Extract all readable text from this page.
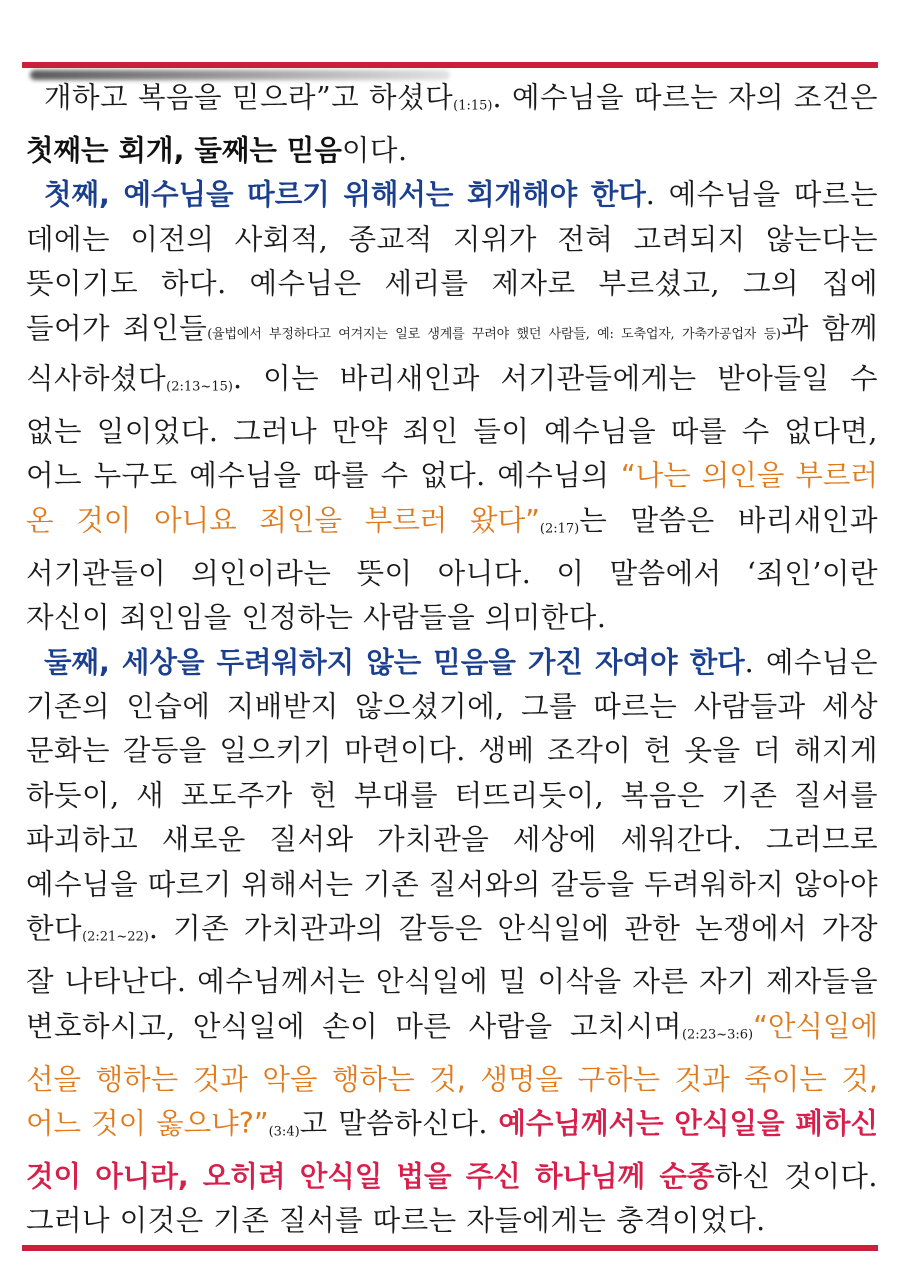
개하고 복음을 믿으라”고 하셨다(1:15). 예수님을 따르는 자의 조건은 첫째는 회개, 둘째는 믿음이다.

첫째, 예수님을 따르기 위해서는 회개해야 한다. 예수님을 따르는 데에는 이전의 사회적, 종교적 지위가 전혀 고려되지 않는다는 뜻이기도 하다. 예수님은 세리를 제자로 부르셨고, 그의 집에 들어가 죄인들(율법에서 부정하다고 여겨지는 일로 생계를 꾸려야 했던 사람들, 예: 도축업자, 가축가공업자 등)과 함께 식사하셨다(2:13~15). 이는 바리새인과 서기관들에게는 받아들일 수 없는 일이었다. 그러나 만약 죄인 들이 예수님을 따를 수 없다면, 어느 누구도 예수님을 따를 수 없다. 예수님의 “나는 의인을 부르러 온 것이 아니요 죄인을 부르러 왔다”(2:17)는 말씀은 바리새인과 서기관들이 의인이라는 뜻이 아니다. 이 말씀에서 ‘죄인’이란 자신이 죄인임을 인정하는 사람들을 의미한다.

둘째, 세상을 두려워하지 않는 믿음을 가진 자여야 한다. 예수님은 기존의 인습에 지배받지 않으셨기에, 그를 따르는 사람들과 세상 문화는 갈등을 일으키기 마련이다. 생베 조각이 헌 옷을 더 해지게 하듯이, 새 포도주가 헌 부대를 터뜨리듯이, 복음은 기존 질서를 파괴하고 새로운 질서와 가치관을 세상에 세워간다. 그러므로 예수님을 따르기 위해서는 기존 질서와의 갈등을 두려워하지 않아야 한다(2:21~22). 기존 가치관과의 갈등은 안식일에 관한 논쟁에서 가장 잘 나타난다. 예수님께서는 안식일에 밀 이삭을 자른 자기 제자들을 변호하시고, 안식일에 손이 마른 사람을 고치시며(2:23~3:6)“안식일에 선을 행하는 것과 악을 행하는 것, 생명을 구하는 것과 죽이는 것, 어느 것이 옳으냐?”(3:4)고 말씀하신다. 예수님께서는 안식일을 폐하신 것이 아니라, 오히려 안식일 법을 주신 하나님께 순종하신 것이다. 그러나 이것은 기존 질서를 따르는 자들에게는 충격이었다.
